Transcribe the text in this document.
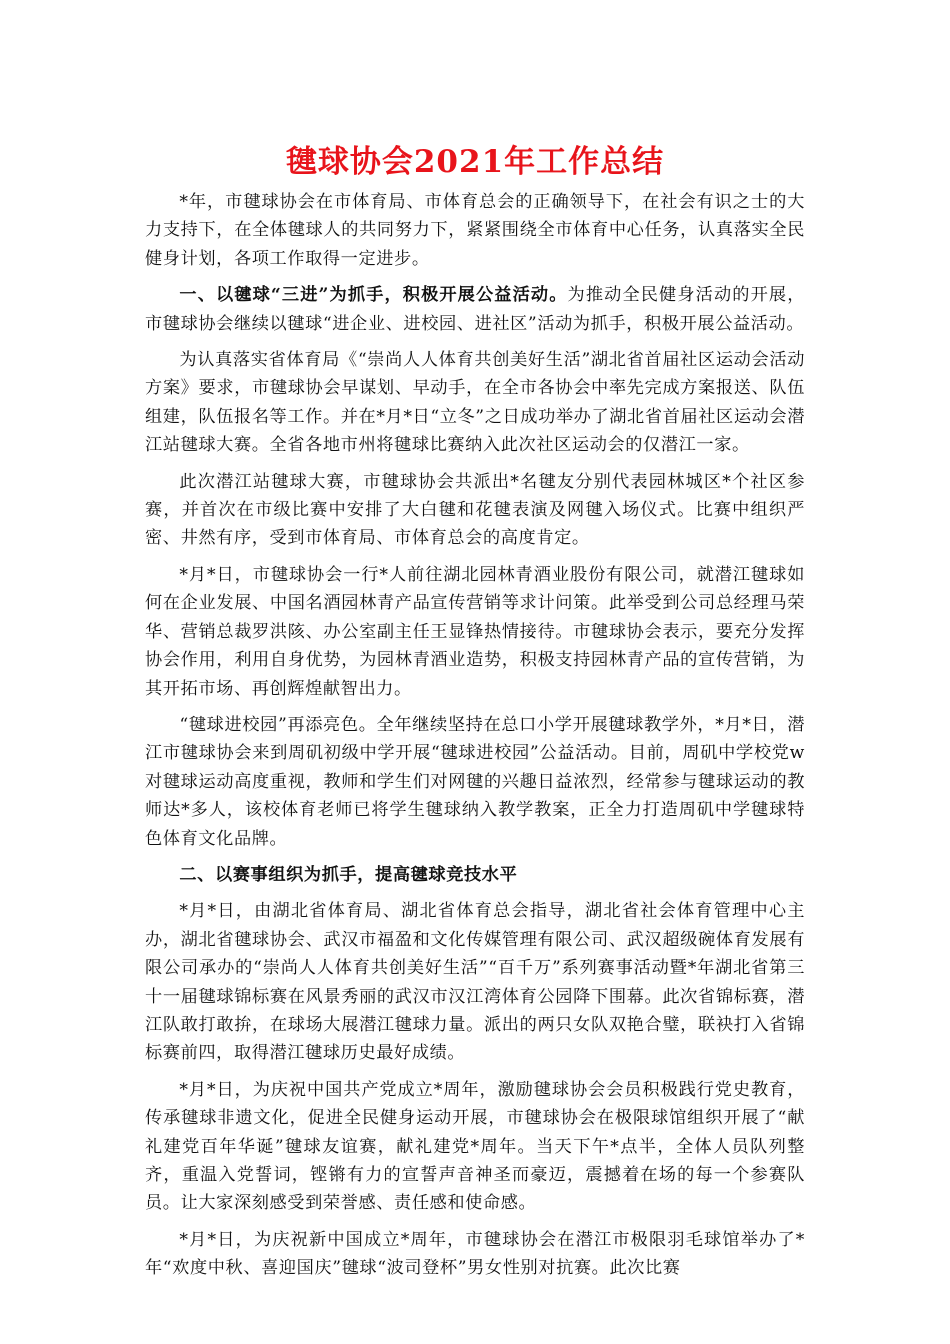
毽球协会2021年工作总结

*年，市毽球协会在市体育局、市体育总会的正确领导下，在社会有识之士的大力支持下，在全体毽球人的共同努力下，紧紧围绕全市体育中心任务，认真落实全民健身计划，各项工作取得一定进步。

一、以毽球“三进”为抓手，积极开展公益活动。为推动全民健身活动的开展，市毽球协会继续以毽球“进企业、进校园、进社区”活动为抓手，积极开展公益活动。

为认真落实省体育局《“崇尚人人体育共创美好生活”湖北省首届社区运动会活动方案》要求，市毽球协会早谋划、早动手，在全市各协会中率先完成方案报送、队伍组建，队伍报名等工作。并在*月*日“立冬”之日成功举办了湖北省首届社区运动会潜江站毽球大赛。全省各地市州将毽球比赛纳入此次社区运动会的仅潜江一家。

此次潜江站毽球大赛，市毽球协会共派出*名毽友分别代表园林城区*个社区参赛，并首次在市级比赛中安排了大白毽和花毽表演及网毽入场仪式。比赛中组织严密、井然有序，受到市体育局、市体育总会的高度肯定。

*月*日，市毽球协会一行*人前往湖北园林青酒业股份有限公司，就潜江毽球如何在企业发展、中国名酒园林青产品宣传营销等求计问策。此举受到公司总经理马荣华、营销总裁罗洪陔、办公室副主任王显锋热情接待。市毽球协会表示，要充分发挥协会作用，利用自身优势，为园林青酒业造势，积极支持园林青产品的宣传营销，为其开拓市场、再创辉煌献智出力。

“毽球进校园”再添亮色。全年继续坚持在总口小学开展毽球教学外，*月*日，潜江市毽球协会来到周矶初级中学开展“毽球进校园”公益活动。目前，周矶中学校党w对毽球运动高度重视，教师和学生们对网毽的兴趣日益浓烈，经常参与毽球运动的教师达*多人，该校体育老师已将学生毽球纳入教学教案，正全力打造周矶中学毽球特色体育文化品牌。

二、以赛事组织为抓手，提高毽球竞技水平

*月*日，由湖北省体育局、湖北省体育总会指导，湖北省社会体育管理中心主办，湖北省毽球协会、武汉市福盈和文化传媒管理有限公司、武汉超级碗体育发展有限公司承办的“崇尚人人体育共创美好生活”“百千万”系列赛事活动暨*年湖北省第三十一届毽球锦标赛在风景秀丽的武汉市汉江湾体育公园降下围幕。此次省锦标赛，潜江队敢打敢拚，在球场大展潜江毽球力量。派出的两只女队双艳合璧，联袂打入省锦标赛前四，取得潜江毽球历史最好成绩。

*月*日，为庆祝中国共产党成立*周年，激励毽球协会会员积极践行党史教育，传承毽球非遗文化，促进全民健身运动开展，市毽球协会在极限球馆组织开展了“献礼建党百年华诞”毽球友谊赛，献礼建党*周年。当天下午*点半，全体人员队列整齐，重温入党誓词，铿锵有力的宣誓声音神圣而豪迈，震撼着在场的每一个参赛队员。让大家深刻感受到荣誉感、责任感和使命感。

*月*日，为庆祝新中国成立*周年，市毽球协会在潜江市极限羽毛球馆举办了*年“欢度中秋、喜迎国庆”毽球“波司登杯”男女性别对抗赛。此次比赛
